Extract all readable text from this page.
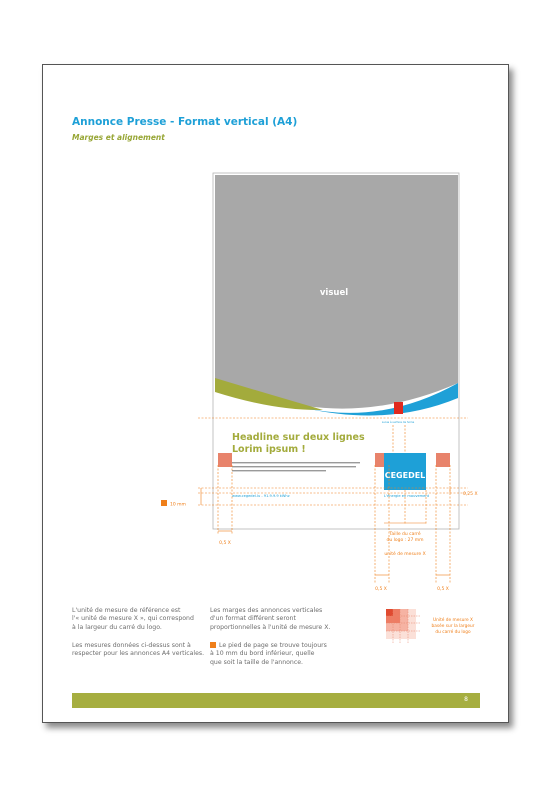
Annonce Presse - Format vertical (A4)
Marges et alignement
visuel
Lucas à surface de home
Headline sur deux lignes
Lorim ipsum !
CEGEDEL
www.cegedel.lu - 91.9.9.9 kWhz	L'énergie en mouvement
10 mm
0,25 X
0,5 X
0,5 X	0,5 X
Taille du carré
du logo : 27 mm
unité de mesure X
Unité de mesure X
basée sur la largeur
du carré du logo
L'unité de mesure de référence est
l'« unité de mesure X », qui correspond
à la largeur du carré du logo.
Les mesures données ci-dessus sont à
respecter pour les annonces A4 verticales.
Les marges des annonces verticales
d'un format différent seront
proportionnelles à l'unité de mesure X.
Le pied de page se trouve toujours
à 10 mm du bord inférieur, quelle
que soit la taille de l'annonce.
8
